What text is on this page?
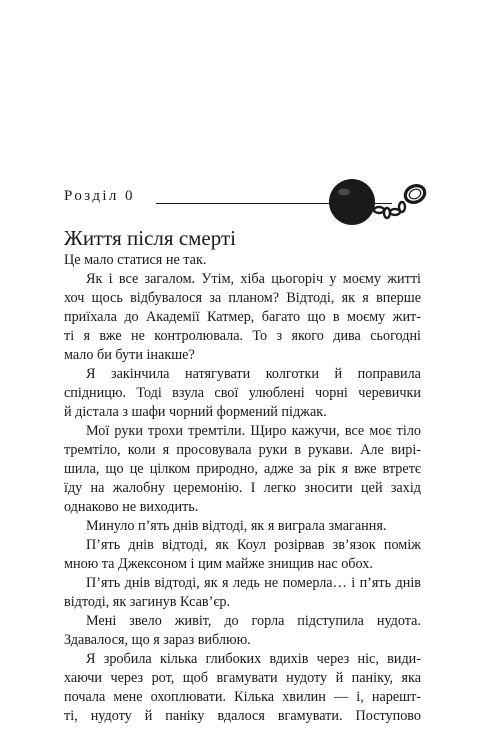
Розділ 0
Життя після смерті
Це мало статися не так.
Як і все загалом. Утім, хіба цьогоріч у моєму житті
хоч щось відбувалося за планом? Відтоді, як я вперше
приїхала до Академії Катмер, багато що в моєму жит-
ті я вже не контролювала. То з якого дива сьогодні
мало би бути інакше?
Я закінчила натягувати колготки й поправила
спідницю. Тоді взула свої улюблені чорні черевички
й дістала з шафи чорний формений піджак.
Мої руки трохи тремтіли. Щиро кажучи, все моє тіло
тремтіло, коли я просовувала руки в рукави. Але вирі-
шила, що це цілком природно, адже за рік я вже втретє
їду на жалобну церемонію. І легко зносити цей захід
однаково не виходить.
Минуло п’ять днів відтоді, як я виграла змагання.
П’ять днів відтоді, як Коул розірвав зв’язок поміж
мною та Джексоном і цим майже знищив нас обох.
П’ять днів відтоді, як я ледь не померла… і п’ять днів
відтоді, як загинув Ксав’єр.
Мені звело живіт, до горла підступила нудота.
Здавалося, що я зараз виблюю.
Я зробила кілька глибоких вдихів через ніс, види-
хаючи через рот, щоб вгамувати нудоту й паніку, яка
почала мене охоплювати. Кілька хвилин — і, нарешт-
ті, нудоту й паніку вдалося вгамувати. Поступово
